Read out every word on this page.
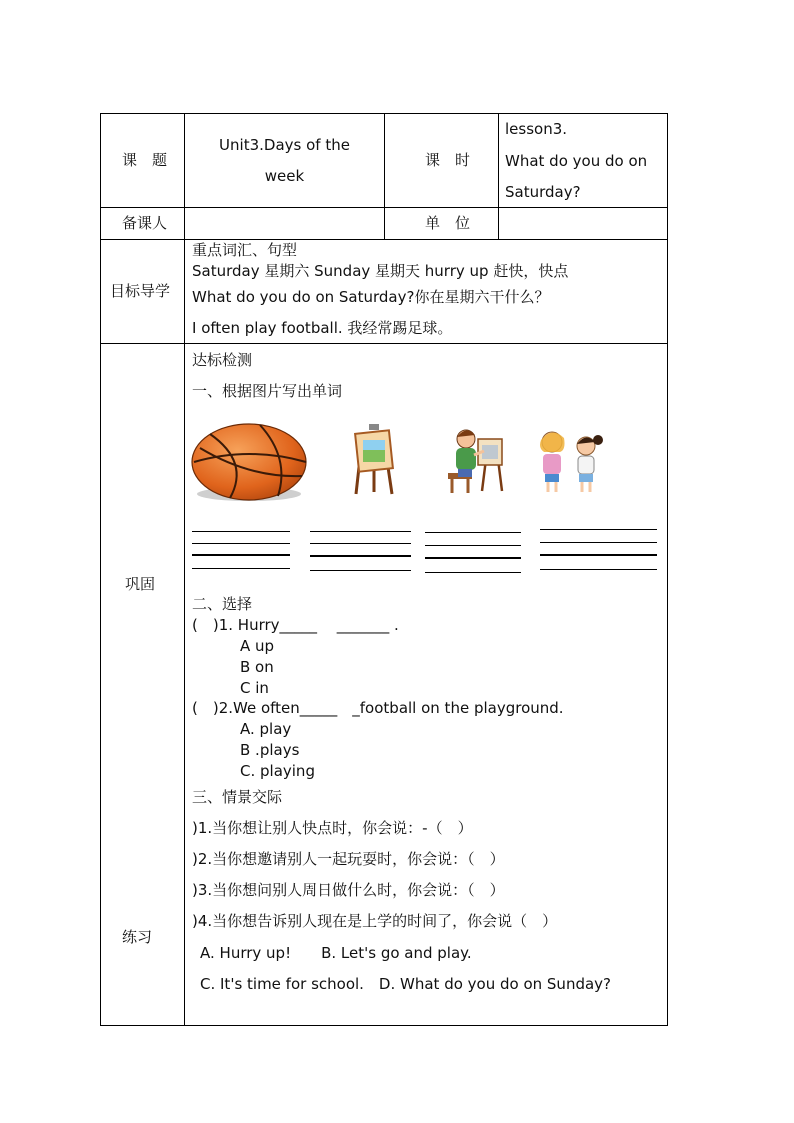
课　题
Unit3.Days of the
week
课　时
lesson3.
What do you do on
Saturday?
备课人	单　位
目标导学
重点词汇、句型
Saturday 星期六 Sunday 星期天 hurry up 赶快，快点
What do you do on Saturday?你在星期六干什么？
I often play football. 我经常踢足球。
巩固
达标检测
一、根据图片写出单词
二、选择
(　)1. Hurry_____　 _______ .
A up
B on
C in
(　)2.We often_____　_football on the playground.
A. play
B .plays
C. playing
三、情景交际
)1.当你想让别人快点时，你会说：-（　）
)2.当你想邀请别人一起玩耍时，你会说：（　）
)3.当你想问别人周日做什么时，你会说：（　）
)4.当你想告诉别人现在是上学的时间了，你会说（　）
A. Hurry up!　　B. Let's go and play.
C. It's time for school.　D. What do you do on Sunday?
练习
